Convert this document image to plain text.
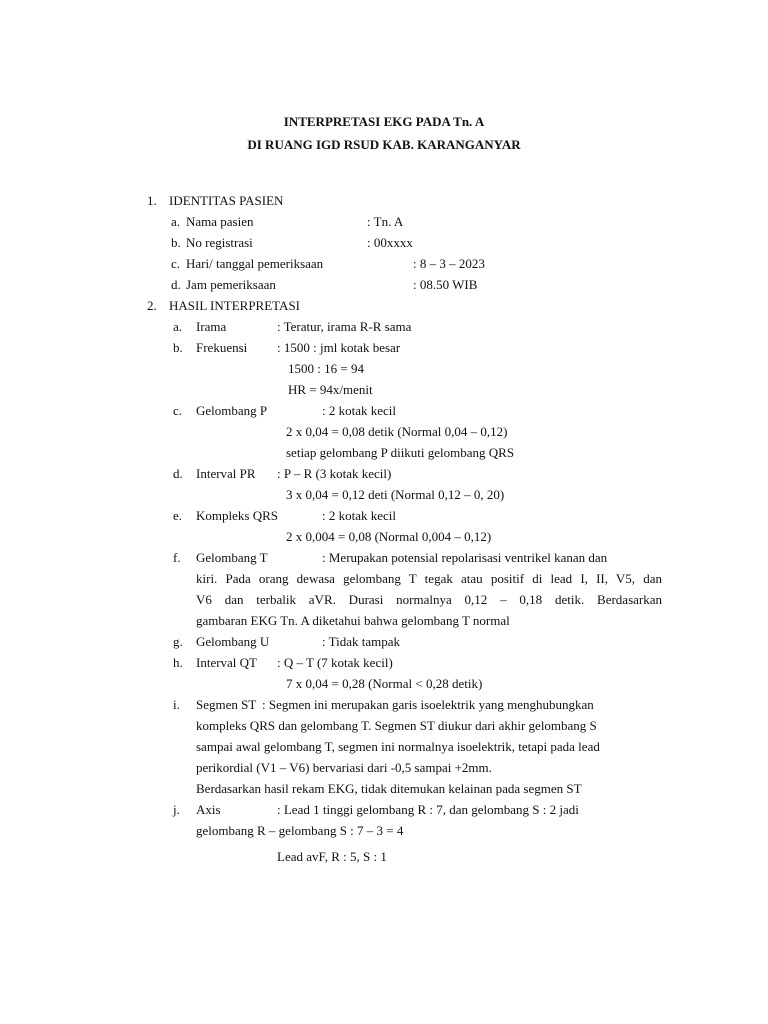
INTERPRETASI EKG PADA Tn. A
DI RUANG IGD RSUD KAB. KARANGANYAR
1. IDENTITAS PASIEN
a. Nama pasien	: Tn. A
b. No registrasi	: 00xxxx
c. Hari/ tanggal pemeriksaan	: 8 – 3 – 2023
d. Jam pemeriksaan	: 08.50 WIB
2. HASIL INTERPRETASI
a. Irama	: Teratur, irama R-R sama
b. Frekuensi : 1500 : jml kotak besar
1500 : 16 = 94
HR = 94x/menit
c. Gelombang P	: 2 kotak kecil
2 x 0,04 = 0,08 detik (Normal 0,04 – 0,12)
setiap gelombang P diikuti gelombang QRS
d. Interval PR : P – R (3 kotak kecil)
3 x 0,04 = 0,12 deti (Normal 0,12 – 0, 20)
e. Kompleks QRS	: 2 kotak kecil
2 x 0,004 = 0,08 (Normal 0,004 – 0,12)
f. Gelombang T	: Merupakan potensial repolarisasi ventrikel kanan dan
kiri. Pada orang dewasa gelombang T tegak atau positif di lead I, II, V5, dan
V6 dan terbalik aVR. Durasi normalnya 0,12 – 0,18 detik. Berdasarkan
gambaran EKG Tn. A diketahui bahwa gelombang T normal
g. Gelombang U	: Tidak tampak
h. Interval QT : Q – T (7 kotak kecil)
7 x 0,04 = 0,28 (Normal < 0,28 detik)
i. Segmen ST : Segmen ini merupakan garis isoelektrik yang menghubungkan
kompleks QRS dan gelombang T. Segmen ST diukur dari akhir gelombang S
sampai awal gelombang T, segmen ini normalnya isoelektrik, tetapi pada lead
perikordial (V1 – V6) bervariasi dari -0,5 sampai +2mm.
Berdasarkan hasil rekam EKG, tidak ditemukan kelainan pada segmen ST
j. Axis	: Lead 1 tinggi gelombang R : 7, dan gelombang S : 2 jadi
gelombang R – gelombang S : 7 – 3 = 4
Lead avF, R : 5, S : 1
